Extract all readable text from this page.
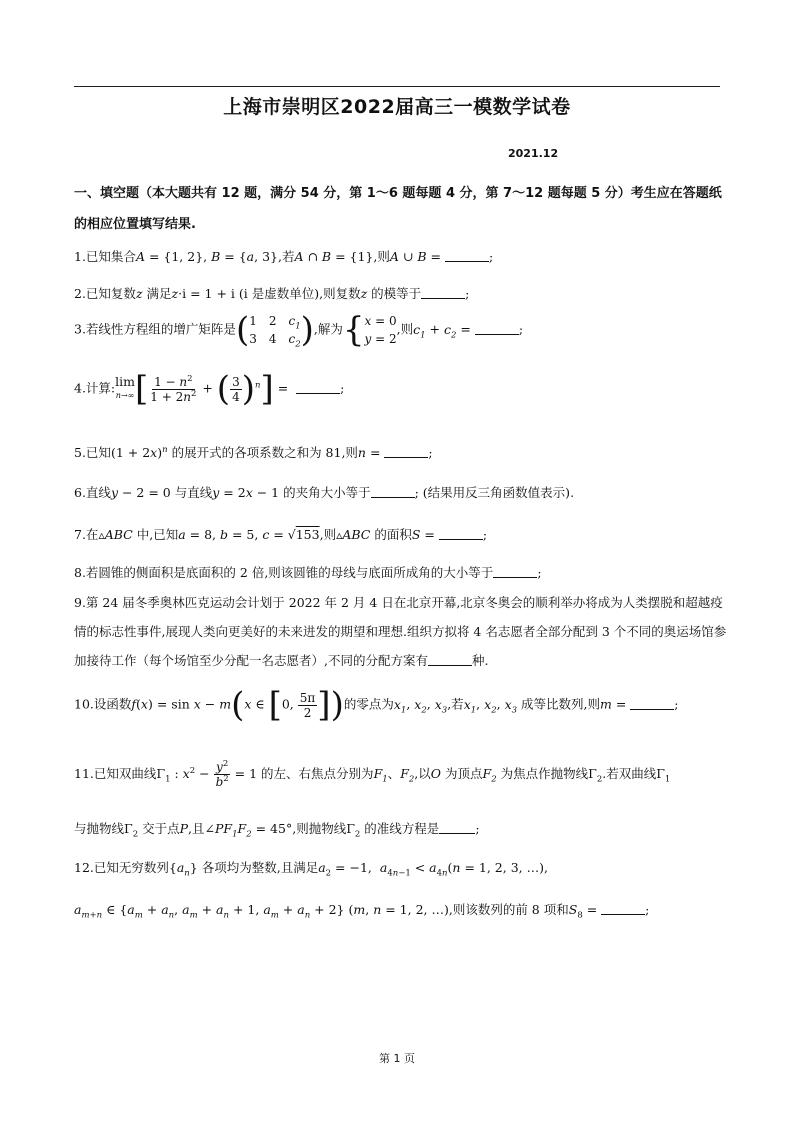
上海市崇明区2022届高三一模数学试卷
2021.12
一、填空题（本大题共有 12 题，满分 54 分，第 1～6 题每题 4 分，第 7～12 题每题 5 分）考生应在答题纸的相应位置填写结果.
1.已知集合A = {1, 2}, B = {a, 3},若A ∩ B = {1},则A ∪ B =	;
2.已知复数z 满足z·i = 1 + i (i 是虚数单位),则复数z 的模等于	;
3.若线性方程组的增广矩阵是( 1 2 $c_1$
3 4 $c_2$ ),解为{ x = 0
y = 2
,则$c_1 + c_2$ =	;
4.计算: lim
n→∞ [ $\frac{1 - n^2}{1 + 2n^2}$ + ( $\frac{3}{4} )^n$] =	;
5.已知$(1 + 2x)^n$ 的展开式的各项系数之和为 81,则n =	;
6.直线y − 2 = 0 与直线y = 2x − 1 的夹角大小等于	; (结果用反三角函数值表示).
7.在▵ABC 中,已知a = 8, b = 5, c = √153,则▵ABC 的面积S =	;
8.若圆锥的侧面积是底面积的 2 倍,则该圆锥的母线与底面所成角的大小等于	;
9.第 24 届冬季奥林匹克运动会计划于 2022 年 2 月 4 日在北京开幕,北京冬奥会的顺利举办将成为人类摆脱和超越疫情的标志性事件,展现人类向更美好的未来进发的期望和理想.组织方拟将 4 名志愿者全部分配到 3 个不同的奥运场馆参加接待工作（每个场馆至少分配一名志愿者）,不同的分配方案有	种.
10.设函数f(x) = sin x − m(x ∈ [0, $\frac{5\pi}{2}$ ])的零点为$x_1$, $x_2$, $x_3$,若$x_1$, $x_2$, $x_3$ 成等比数列,则m =	;
11.已知双曲线$\Gamma_1$ : $x^2 - \frac{y^2}{b^2} = 1$ 的左、右焦点分别为$F_1$、$F_2$,以O 为顶点$F_2$ 为焦点作抛物线$\Gamma_2$.若双曲线$\Gamma_1$
与抛物线$\Gamma_2$ 交于点P,且$\angle PF_1F_2 = 45^\circ$,则抛物线$\Gamma_2$ 的准线方程是	;
12.已知无穷数列$\{a_n\}$ 各项均为整数,且满足$a_2 = -1$,  $a_{4n-1} < a_{4n}(n = 1$, 2, 3, …),
$a_{m+n}$ ∈ {$a_m + a_n$, $a_m + a_n + 1$, $a_m + a_n + 2$} (m, n = 1, 2, …),则该数列的前 8 项和$S_8$ =	;
第 1 页
